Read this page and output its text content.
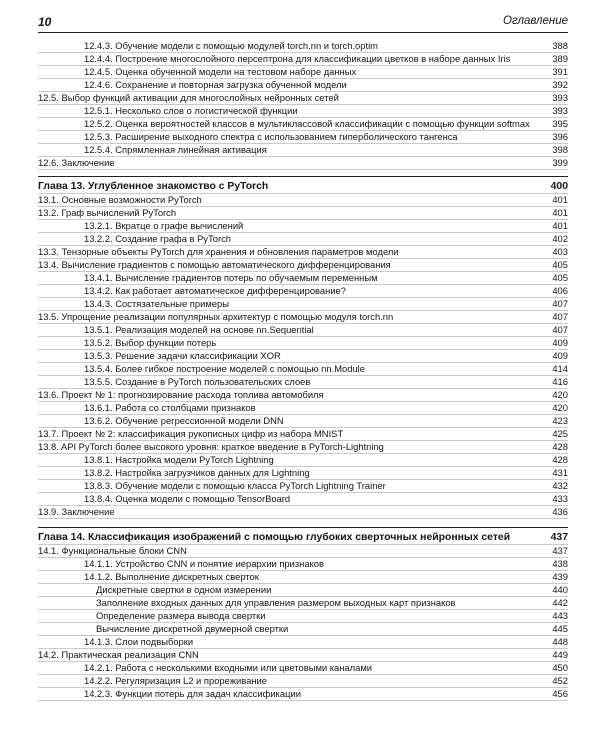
10	Оглавление
12.4.3. Обучение модели с помощью модулей torch.nn и torch.optim	388
12.4.4. Построение многослойного персептрона для классификации цветков в наборе данных Iris	389
12.4.5. Оценка обученной модели на тестовом наборе данных	391
12.4.6. Сохранение и повторная загрузка обученной модели	392
12.5. Выбор функций активации для многослойных нейронных сетей	393
12.5.1. Несколько слов о логистической функции	393
12.5.2. Оценка вероятностей классов в мультиклассовой классификации с помощью функции softmax	395
12.5.3. Расширение выходного спектра с использованием гиперболического тангенса	396
12.5.4. Спрямленная линейная активация	398
12.6. Заключение	399
Глава 13. Углубленное знакомство с PyTorch	400
13.1. Основные возможности PyTorch	401
13.2. Граф вычислений PyTorch	401
13.2.1. Вкратце о графе вычислений	401
13.2.2. Создание графа в PyTorch	402
13.3. Тензорные объекты PyTorch для хранения и обновления параметров модели	403
13.4. Вычисление градиентов с помощью автоматического дифференцирования	405
13.4.1. Вычисление градиентов потерь по обучаемым переменным	405
13.4.2. Как работает автоматическое дифференцирование?	406
13.4.3. Состязательные примеры	407
13.5. Упрощение реализации популярных архитектур с помощью модуля torch.nn	407
13.5.1. Реализация моделей на основе nn.Sequential	407
13.5.2. Выбор функции потерь	409
13.5.3. Решение задачи классификации XOR	409
13.5.4. Более гибкое построение моделей с помощью nn.Module	414
13.5.5. Создание в PyTorch пользовательских слоев	416
13.6. Проект № 1: прогнозирование расхода топлива автомобиля	420
13.6.1. Работа со столбцами признаков	420
13.6.2. Обучение регрессионной модели DNN	423
13.7. Проект № 2: классификация рукописных цифр из набора MNIST	425
13.8. API PyTorch более высокого уровня: краткое введение в PyTorch-Lightning	428
13.8.1. Настройка модели PyTorch Lightning	428
13.8.2. Настройка загрузчиков данных для Lightning	431
13.8.3. Обучение модели с помощью класса PyTorch Lightning Trainer	432
13.8.4. Оценка модели с помощью TensorBoard	433
13.9. Заключение	436
Глава 14. Классификация изображений с помощью глубоких сверточных нейронных сетей	437
14.1. Функциональные блоки CNN	437
14.1.1. Устройство CNN и понятие иерархии признаков	438
14.1.2. Выполнение дискретных сверток	439
Дискретные свертки в одном измерении	440
Заполнение входных данных для управления размером выходных карт признаков	442
Определение размера вывода свертки	443
Вычисление дискретной двумерной свертки	445
14.1.3. Слои подвыборки	448
14.2. Практическая реализация CNN	449
14.2.1. Работа с несколькими входными или цветовыми каналами	450
14.2.2. Регуляризация L2 и прореживание	452
14.2.3. Функции потерь для задач классификации	456
